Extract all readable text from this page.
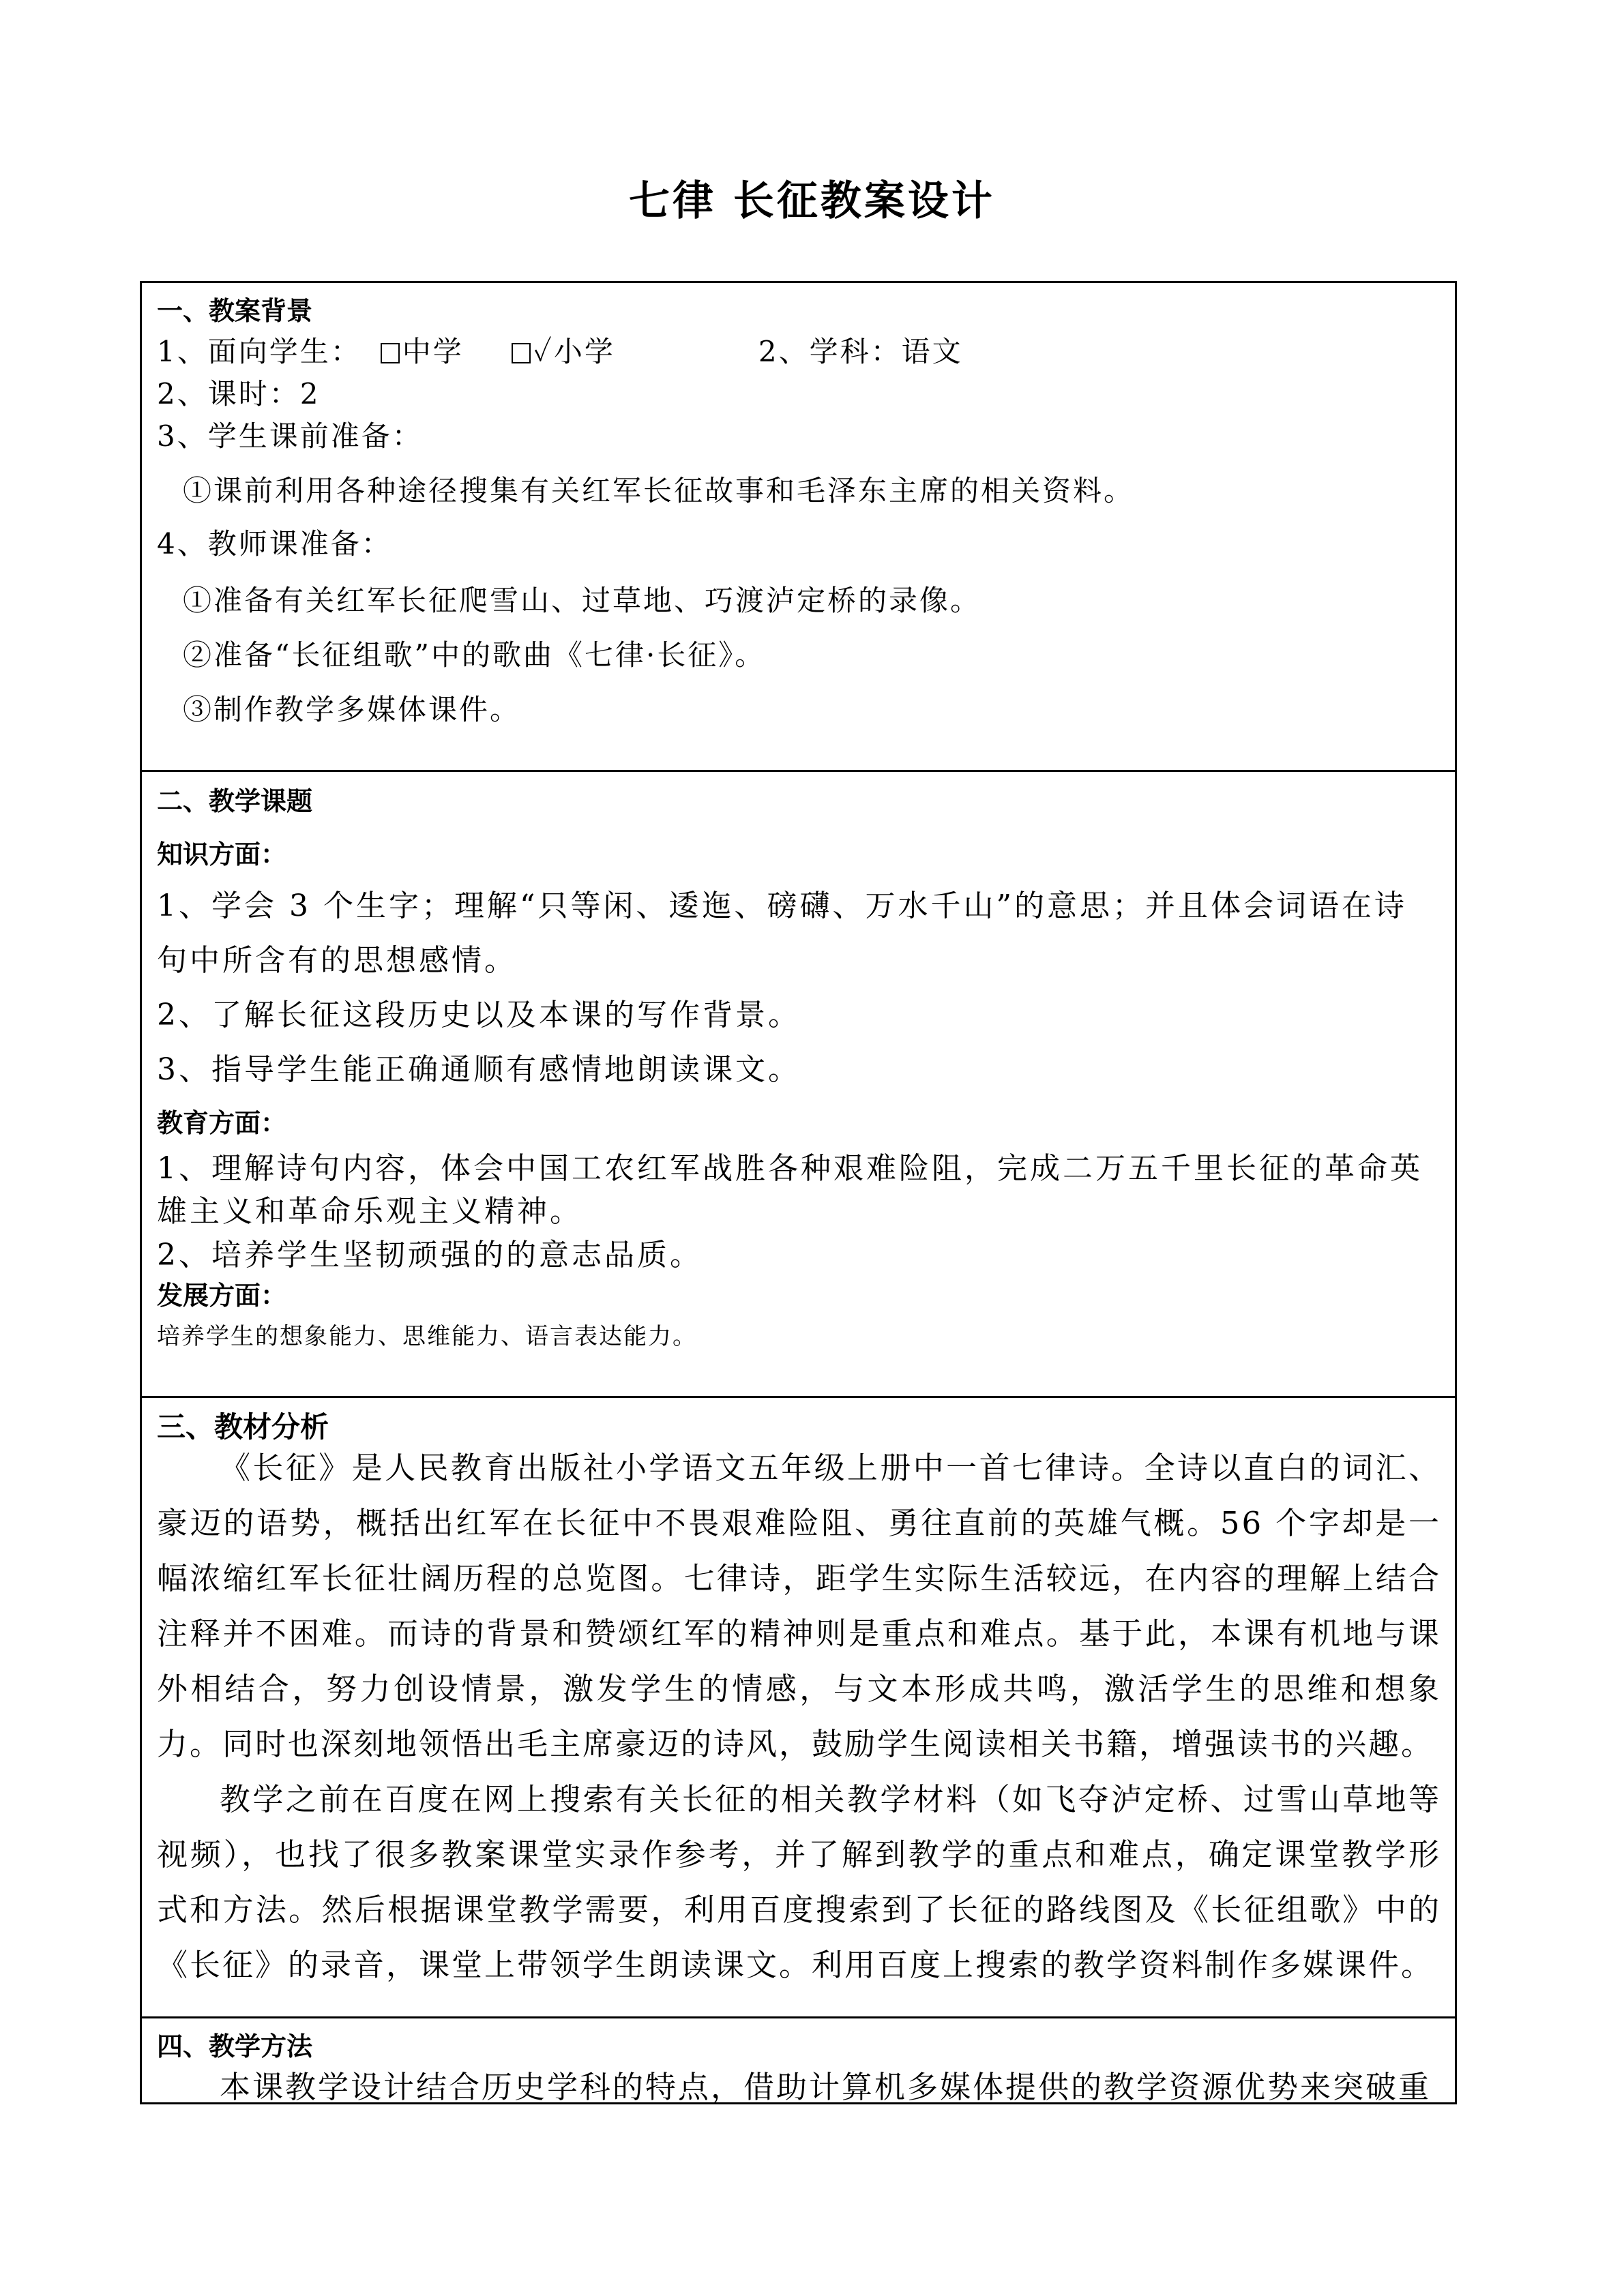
七律 长征教案设计
一、教案背景
1、面向学生： 中学 ✓小学	2、学科：语文
2、课时：2
3、学生课前准备：
①课前利用各种途径搜集有关红军长征故事和毛泽东主席的相关资料。
4、教师课准备：
①准备有关红军长征爬雪山、过草地、巧渡泸定桥的录像。
②准备“长征组歌”中的歌曲《七律·长征》。
③制作教学多媒体课件。
二、教学课题
知识方面：
1、学会 3 个生字；理解“只等闲、逶迤、磅礴、万水千山”的意思；并且体会词语在诗
句中所含有的思想感情。
2、了解长征这段历史以及本课的写作背景。
3、指导学生能正确通顺有感情地朗读课文。
教育方面：
1、理解诗句内容，体会中国工农红军战胜各种艰难险阻，完成二万五千里长征的革命英
雄主义和革命乐观主义精神。
2、培养学生坚韧顽强的的意志品质。
发展方面：
培养学生的想象能力、思维能力、语言表达能力。
三、教材分析
《长征》是人民教育出版社小学语文五年级上册中一首七律诗。全诗以直白的词汇、豪迈的语势，概括出红军在长征中不畏艰难险阻、勇往直前的英雄气概。56 个字却是一幅浓缩红军长征壮阔历程的总览图。七律诗，距学生实际生活较远，在内容的理解上结合注释并不困难。而诗的背景和赞颂红军的精神则是重点和难点。基于此，本课有机地与课外相结合，努力创设情景，激发学生的情感，与文本形成共鸣，激活学生的思维和想象力。同时也深刻地领悟出毛主席豪迈的诗风，鼓励学生阅读相关书籍，增强读书的兴趣。
教学之前在百度在网上搜索有关长征的相关教学材料（如飞夺泸定桥、过雪山草地等视频），也找了很多教案课堂实录作参考，并了解到教学的重点和难点，确定课堂教学形式和方法。然后根据课堂教学需要，利用百度搜索到了长征的路线图及《长征组歌》中的《长征》的录音，课堂上带领学生朗读课文。利用百度上搜索的教学资料制作多媒课件。
四、教学方法
本课教学设计结合历史学科的特点，借助计算机多媒体提供的教学资源优势来突破重
